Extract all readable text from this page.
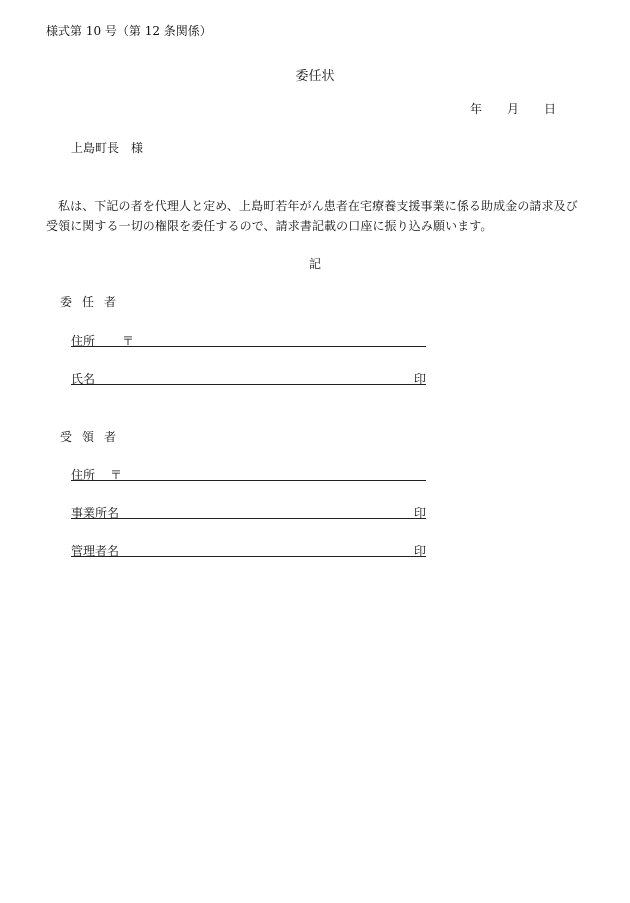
様式第 10 号（第 12 条関係）
委任状
年 月 日
上島町長　様
私は、下記の者を代理人と定め、上島町若年がん患者在宅療養支援事業に係る助成金の請求及び受領に関する一切の権限を委任するので、請求書記載の口座に振り込み願います。
記
委任者
住所 〒
氏名	印
受領者
住所 〒
事業所名	印
管理者名	印
